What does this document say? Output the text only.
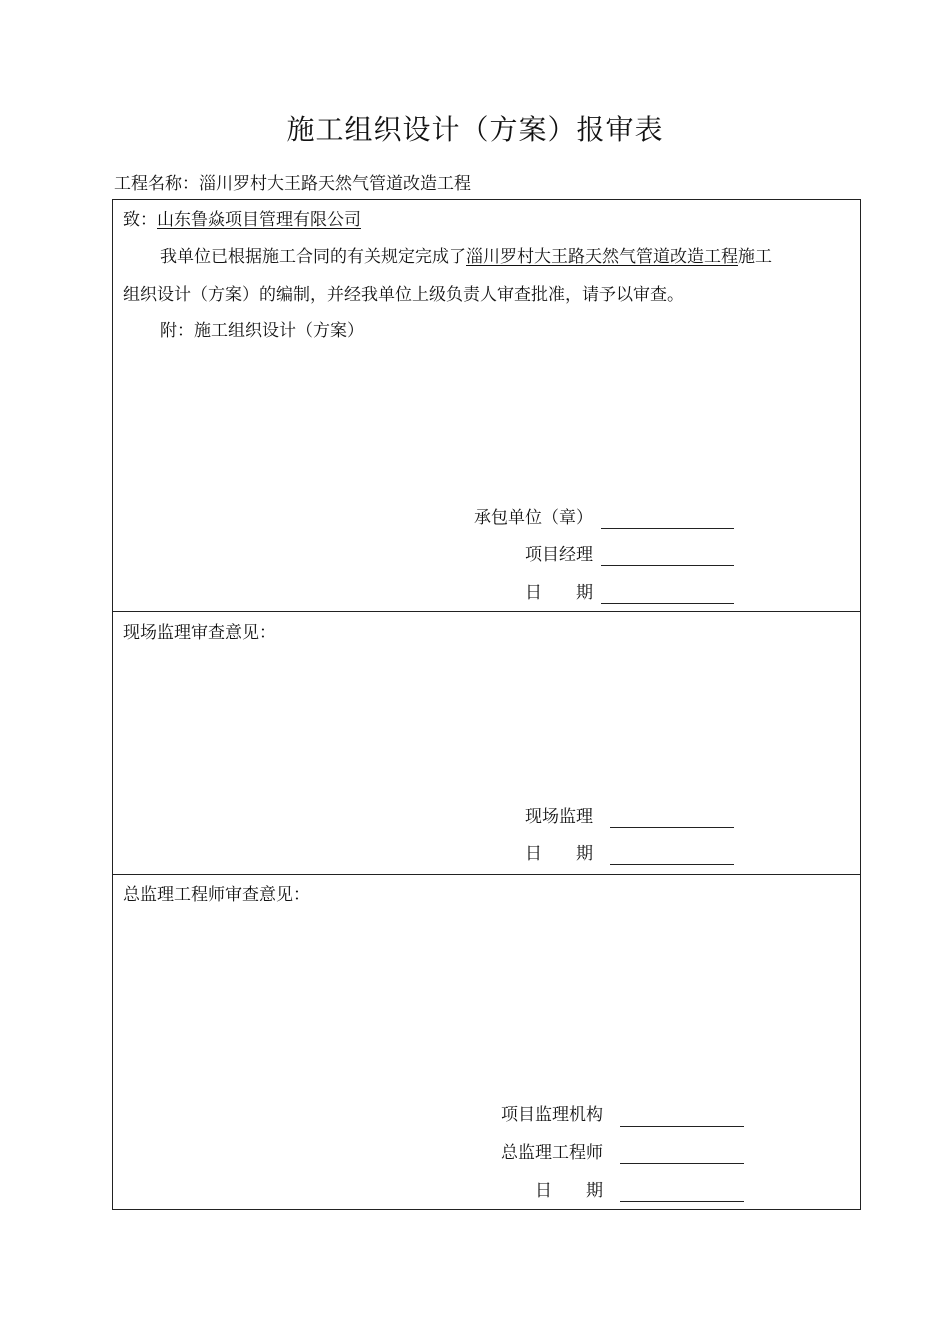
施工组织设计（方案）报审表
工程名称：淄川罗村大王路天然气管道改造工程
致：山东鲁焱项目管理有限公司
我单位已根据施工合同的有关规定完成了淄川罗村大王路天然气管道改造工程施工
组织设计（方案）的编制，并经我单位上级负责人审查批准，请予以审查。
附：施工组织设计（方案）
承包单位（章）
项目经理
日　　期
现场监理审查意见：
现场监理
日　　期
总监理工程师审查意见：
项目监理机构
总监理工程师
日　　期
